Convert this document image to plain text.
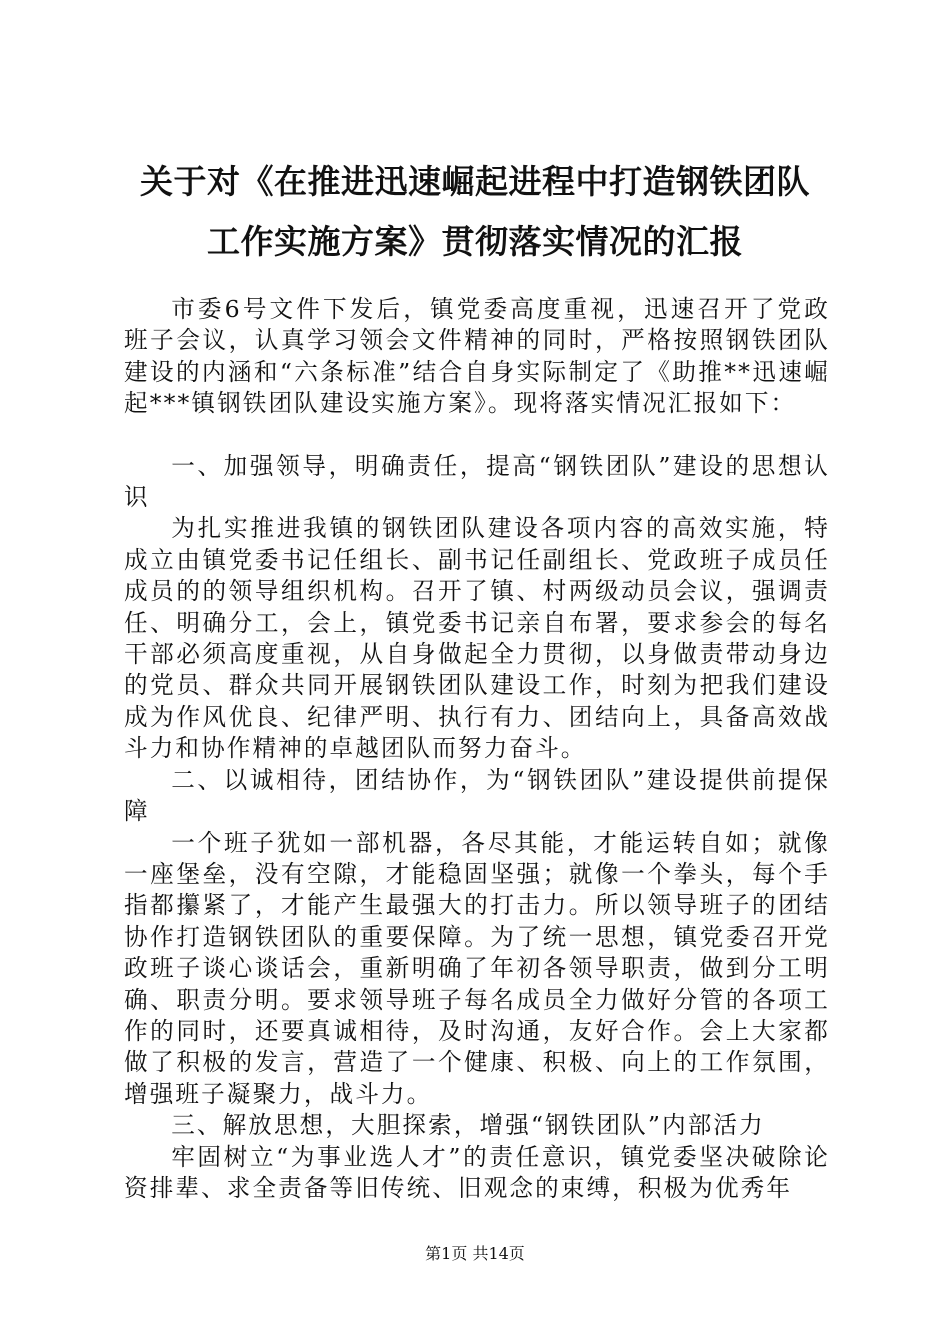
关于对《在推进迅速崛起进程中打造钢铁团队
工作实施方案》贯彻落实情况的汇报

市委6号文件下发后，镇党委高度重视，迅速召开了党政班子会议，认真学习领会文件精神的同时，严格按照钢铁团队建设的内涵和“六条标准”结合自身实际制定了《助推**迅速崛起***镇钢铁团队建设实施方案》。现将落实情况汇报如下：

一、加强领导，明确责任，提高“钢铁团队”建设的思想认识

为扎实推进我镇的钢铁团队建设各项内容的高效实施，特成立由镇党委书记任组长、副书记任副组长、党政班子成员任成员的的领导组织机构。召开了镇、村两级动员会议，强调责任、明确分工，会上，镇党委书记亲自布署，要求参会的每名干部必须高度重视，从自身做起全力贯彻，以身做责带动身边的党员、群众共同开展钢铁团队建设工作，时刻为把我们建设成为作风优良、纪律严明、执行有力、团结向上，具备高效战斗力和协作精神的卓越团队而努力奋斗。

二、以诚相待，团结协作，为“钢铁团队”建设提供前提保障

一个班子犹如一部机器，各尽其能，才能运转自如；就像一座堡垒，没有空隙，才能稳固坚强；就像一个拳头，每个手指都攥紧了，才能产生最强大的打击力。所以领导班子的团结协作打造钢铁团队的重要保障。为了统一思想，镇党委召开党政班子谈心谈话会，重新明确了年初各领导职责，做到分工明确、职责分明。要求领导班子每名成员全力做好分管的各项工作的同时，还要真诚相待，及时沟通，友好合作。会上大家都做了积极的发言，营造了一个健康、积极、向上的工作氛围，增强班子凝聚力，战斗力。

三、解放思想，大胆探索，增强“钢铁团队”内部活力

牢固树立“为事业选人才”的责任意识，镇党委坚决破除论资排辈、求全责备等旧传统、旧观念的束缚，积极为优秀年

第1页 共14页
